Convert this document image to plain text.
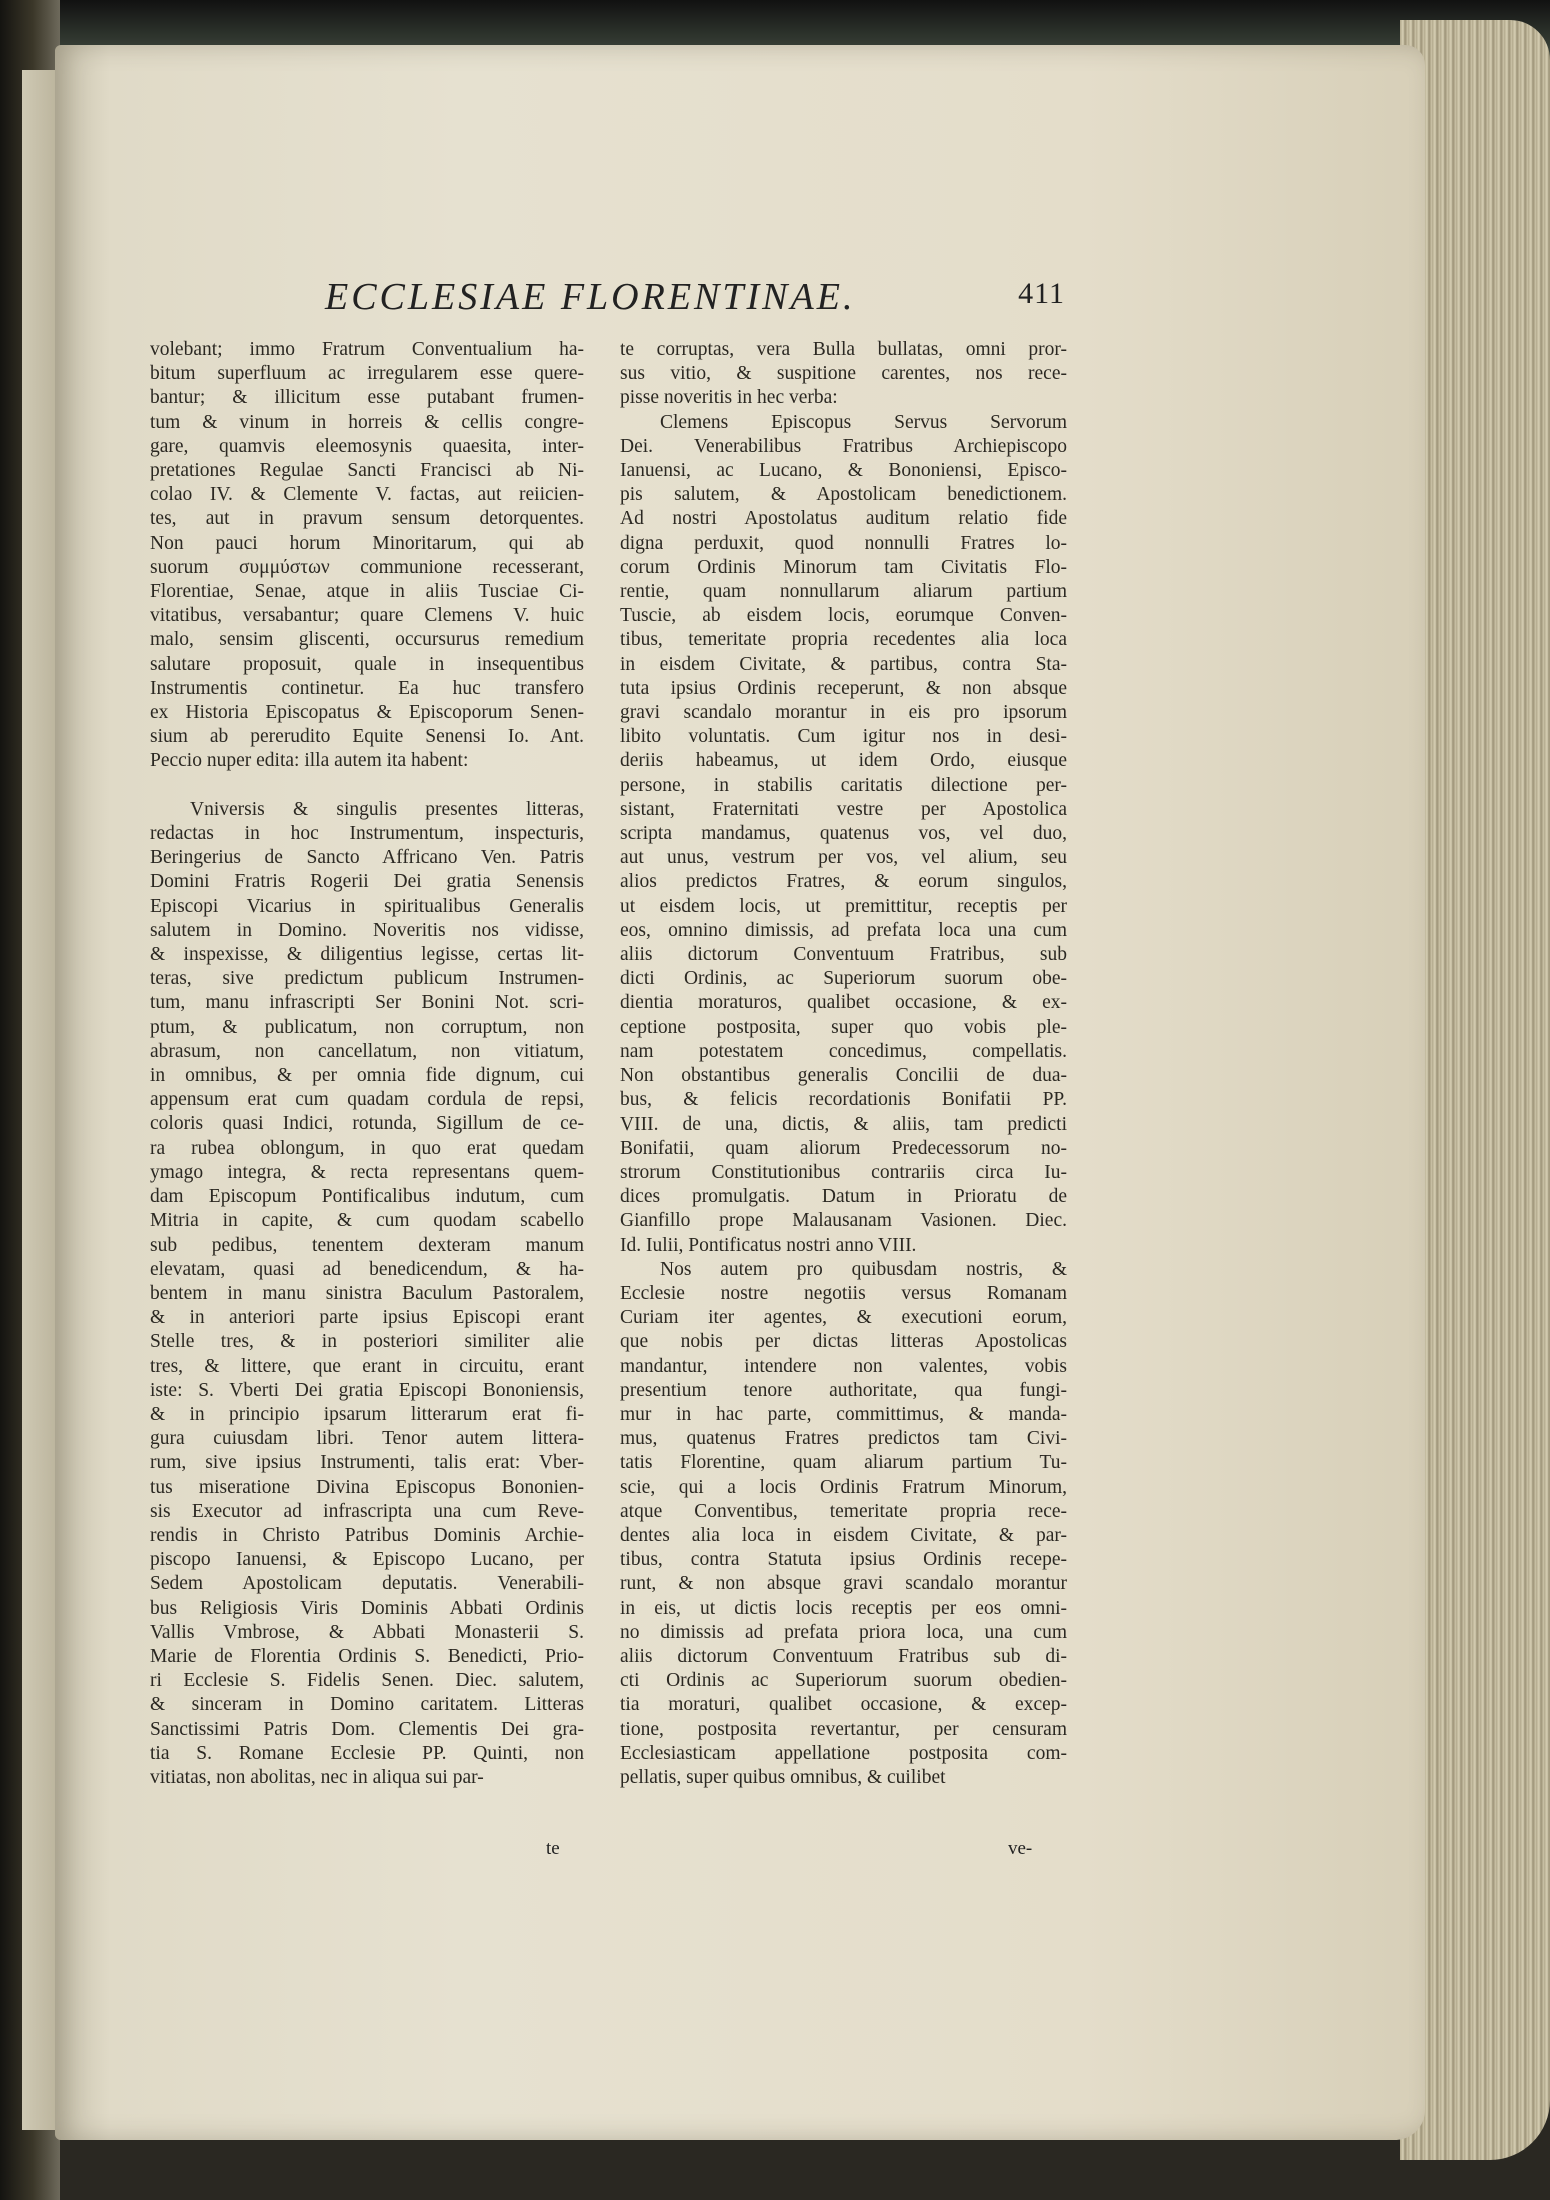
ECCLESIAE FLORENTINAE.	411
volebant; immo Fratrum Conventualium ha-
bitum superfluum ac irregularem esse quere-
bantur; & illicitum esse putabant frumen-
tum & vinum in horreis & cellis congre-
gare, quamvis eleemosynis quaesita, inter-
pretationes Regulae Sancti Francisci ab Ni-
colao IV. & Clemente V. factas, aut reiicien-
tes, aut in pravum sensum detorquentes.
Non pauci horum Minoritarum, qui ab
suorum συμμύστων communione recesserant,
Florentiae, Senae, atque in aliis Tusciae Ci-
vitatibus, versabantur; quare Clemens V. huic
malo, sensim gliscenti, occursurus remedium
salutare proposuit, quale in insequentibus
Instrumentis continetur. Ea huc transfero
ex Historia Episcopatus & Episcoporum Senen-
sium ab pereruditο Equite Senensi Io. Ant.
Peccio nuper edita: illa autem ita habent:
Vniversis & singulis presentes litteras,
redactas in hoc Instrumentum, inspecturis,
Beringerius de Sancto Affricano Ven. Patris
Domini Fratris Rogerii Dei gratia Senensis
Episcopi Vicarius in spiritualibus Generalis
salutem in Domino. Noveritis nos vidisse,
& inspexisse, & diligentius legisse, certas lit-
teras, sive predictum publicum Instrumen-
tum, manu infrascripti Ser Bonini Not. scri-
ptum, & publicatum, non corruptum, non
abrasum, non cancellatum, non vitiatum,
in omnibus, & per omnia fide dignum, cui
appensum erat cum quadam cordula de repsi,
coloris quasi Indici, rotunda, Sigillum de ce-
ra rubea oblongum, in quo erat quedam
ymago integra, & recta representans quem-
dam Episcopum Pontificalibus indutum, cum
Mitria in capite, & cum quodam scabello
sub pedibus, tenentem dexteram manum
elevatam, quasi ad benedicendum, & ha-
bentem in manu sinistra Baculum Pastoralem,
& in anteriori parte ipsius Episcopi erant
Stelle tres, & in posteriori similiter alie
tres, & littere, que erant in circuitu, erant
iste: S. Vberti Dei gratia Episcopi Bononiensis,
& in principio ipsarum litterarum erat fi-
gura cuiusdam libri. Tenor autem littera-
rum, sive ipsius Instrumenti, talis erat: Vber-
tus miseratione Divina Episcopus Bononien-
sis Executor ad infrascripta una cum Reve-
rendis in Christo Patribus Dominis Archie-
piscopo Ianuensi, & Episcopo Lucano, per
Sedem Apostolicam deputatis. Venerabili-
bus Religiosis Viris Dominis Abbati Ordinis
Vallis Vmbrose, & Abbati Monasterii S.
Marie de Florentia Ordinis S. Benedicti, Prio-
ri Ecclesie S. Fidelis Senen. Diec. salutem,
& sinceram in Domino caritatem. Litteras
Sanctissimi Patris Dom. Clementis Dei gra-
tia S. Romane Ecclesie PP. Quinti, non
vitiatas, non abolitas, nec in aliqua sui par-
te corruptas, vera Bulla bullatas, omni pror-
sus vitio, & suspitione carentes, nos rece-
pisse noveritis in hec verba:
Clemens Episcopus Servus Servorum
Dei. Venerabilibus Fratribus Archiepiscopo
Ianuensi, ac Lucano, & Bononiensi, Episco-
pis salutem, & Apostolicam benedictionem.
Ad nostri Apostolatus auditum relatio fide
digna perduxit, quod nonnulli Fratres lo-
corum Ordinis Minorum tam Civitatis Flo-
rentie, quam nonnullarum aliarum partium
Tuscie, ab eisdem locis, eorumque Conven-
tibus, temeritate propria recedentes alia loca
in eisdem Civitate, & partibus, contra Sta-
tuta ipsius Ordinis receperunt, & non absque
gravi scandalo morantur in eis pro ipsorum
libito voluntatis. Cum igitur nos in desi-
deriis habeamus, ut idem Ordo, eiusque
persone, in stabilis caritatis dilectione per-
sistant, Fraternitati vestre per Apostolica
scripta mandamus, quatenus vos, vel duo,
aut unus, vestrum per vos, vel alium, seu
alios predictos Fratres, & eorum singulos,
ut eisdem locis, ut premittitur, receptis per
eos, omnino dimissis, ad prefata loca una cum
aliis dictorum Conventuum Fratribus, sub
dicti Ordinis, ac Superiorum suorum obe-
dientia moraturos, qualibet occasione, & ex-
ceptione postposita, super quo vobis ple-
nam potestatem concedimus, compellatis.
Non obstantibus generalis Concilii de dua-
bus, & felicis recordationis Bonifatii PP.
VIII. de una, dictis, & aliis, tam predicti
Bonifatii, quam aliorum Predecessorum no-
strorum Constitutionibus contrariis circa Iu-
dices promulgatis. Datum in Prioratu de
Gianfillo prope Malausanam Vasionen. Diec.
Id. Iulii, Pontificatus nostri anno VIII.
Nos autem pro quibusdam nostris, &
Ecclesie nostre negotiis versus Romanam
Curiam iter agentes, & executioni eorum,
que nobis per dictas litteras Apostolicas
mandantur, intendere non valentes, vobis
presentium tenore authoritate, qua fungi-
mur in hac parte, committimus, & manda-
mus, quatenus Fratres predictos tam Civi-
tatis Florentine, quam aliarum partium Tu-
scie, qui a locis Ordinis Fratrum Minorum,
atque Conventibus, temeritate propria rece-
dentes alia loca in eisdem Civitate, & par-
tibus, contra Statuta ipsius Ordinis recepe-
runt, & non absque gravi scandalo morantur
in eis, ut dictis locis receptis per eos omni-
no dimissis ad prefata priora loca, una cum
aliis dictorum Conventuum Fratribus sub di-
cti Ordinis ac Superiorum suorum obedien-
tia moraturi, qualibet occasione, & excep-
tione, postposita revertantur, per censuram
Ecclesiasticam appellatione postposita com-
pellatis, super quibus omnibus, & cuilibet
te	ve-
